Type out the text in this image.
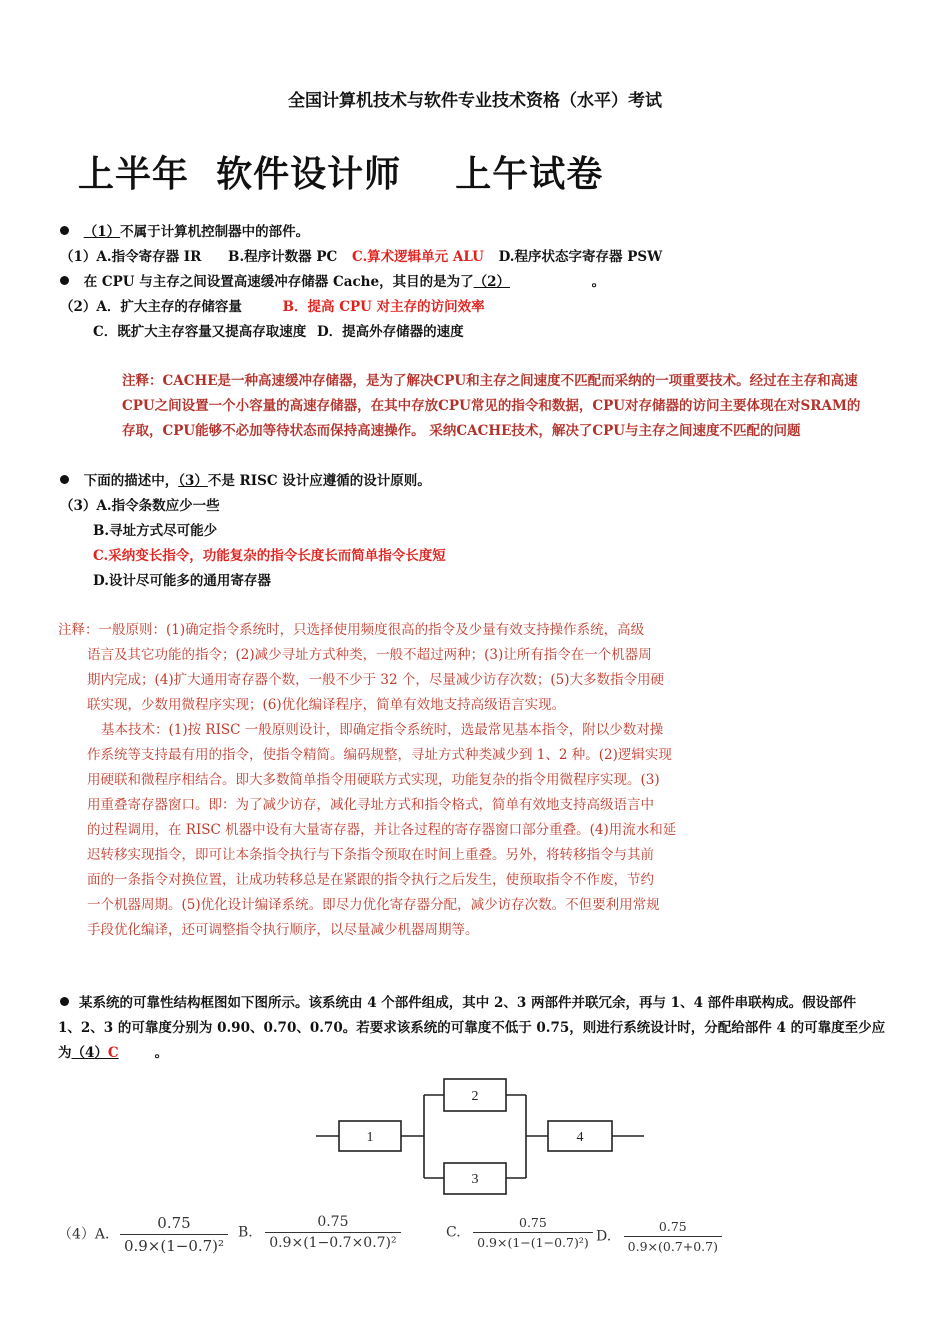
全国计算机技术与软件专业技术资格（水平）考试
上半年  软件设计师    上午试卷
（1）不属于计算机控制器中的部件。
（1）A.指令寄存器 IR B.程序计数器 PC C.算术逻辑单元 ALU D.程序状态字寄存器 PSW
在 CPU 与主存之间设置高速缓冲存储器 Cache，其目的是为了（2）	。
（2）A．扩大主存的存储容量	B．提高 CPU 对主存的访问效率
C．既扩大主存容量又提高存取速度 D．提高外存储器的速度
注释：CACHE是一种高速缓冲存储器，是为了解决CPU和主存之间速度不匹配而采纳的一项重要技术。经过在主存和高速
CPU之间设置一个小容量的高速存储器，在其中存放CPU常见的指令和数据，CPU对存储器的访问主要体现在对SRAM的
存取，CPU能够不必加等待状态而保持高速操作。 采纳CACHE技术，解决了CPU与主存之间速度不匹配的问题
下面的描述中，（3）不是 RISC 设计应遵循的设计原则。
（3）A.指令条数应少一些
B.寻址方式尽可能少
C.采纳变长指令，功能复杂的指令长度长而简单指令长度短
D.设计尽可能多的通用寄存器
注释：一般原则：(1)确定指令系统时，只选择使用频度很高的指令及少量有效支持操作系统，高级
语言及其它功能的指令；(2)减少寻址方式种类，一般不超过两种；(3)让所有指令在一个机器周
期内完成；(4)扩大通用寄存器个数，一般不少于 32 个，尽量减少访存次数；(5)大多数指令用硬
联实现，少数用微程序实现；(6)优化编译程序，简单有效地支持高级语言实现。
基本技术：(1)按 RISC 一般原则设计，即确定指令系统时，选最常见基本指令，附以少数对操
作系统等支持最有用的指令，使指令精简。编码规整，寻址方式种类减少到 1、2 种。(2)逻辑实现
用硬联和微程序相结合。即大多数简单指令用硬联方式实现，功能复杂的指令用微程序实现。(3)
用重叠寄存器窗口。即：为了减少访存，减化寻址方式和指令格式，简单有效地支持高级语言中
的过程调用，在 RISC 机器中设有大量寄存器，并让各过程的寄存器窗口部分重叠。(4)用流水和延
迟转移实现指令，即可让本条指令执行与下条指令预取在时间上重叠。另外，将转移指令与其前
面的一条指令对换位置，让成功转移总是在紧跟的指令执行之后发生，使预取指令不作废，节约
一个机器周期。(5)优化设计编译系统。即尽力优化寄存器分配，减少访存次数。不但要利用常规
手段优化编译，还可调整指令执行顺序，以尽量减少机器周期等。
某系统的可靠性结构框图如下图所示。该系统由 4 个部件组成，其中 2、3 两部件并联冗余，再与 1、4 部件串联构成。假设部件
1、2、3 的可靠度分别为 0.90、0.70、0.70。若要求该系统的可靠度不低于 0.75，则进行系统设计时，分配给部件 4 的可靠度至少应
为（4）C	。
1
2
3
4
（4）A. $\frac{0.75}{\text{0.9×(1−0.7)²}} B$. $\frac{0.75}{\text{0.9×(1−0.7×0.7)²}}$	C. $\frac{0.75}{\text{0.9×(1−(1−0.7)²)}} D$. $\frac{0.75}{0.9\times(0.7+0.7)}$
